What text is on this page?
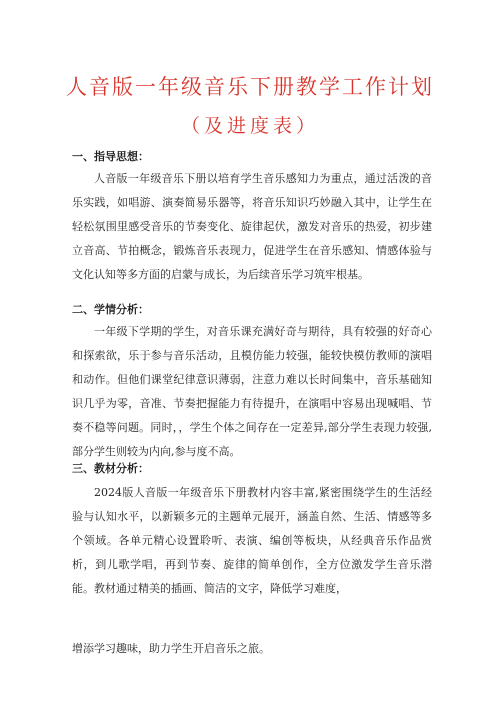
人音版一年级音乐下册教学工作计划
（及进度表）

一、指导思想：

人音版一年级音乐下册以培育学生音乐感知力为重点，通过活泼的音乐实践，如唱游、演奏简易乐器等，将音乐知识巧妙融入其中，让学生在轻松氛围里感受音乐的节奏变化、旋律起伏，激发对音乐的热爱，初步建立音高、节拍概念，锻炼音乐表现力，促进学生在音乐感知、情感体验与文化认知等多方面的启蒙与成长，为后续音乐学习筑牢根基。

二、学情分析：

一年级下学期的学生，对音乐课充满好奇与期待，具有较强的好奇心和探索欲，乐于参与音乐活动，且模仿能力较强，能较快模仿教师的演唱和动作。但他们课堂纪律意识薄弱，注意力难以长时间集中，音乐基础知识几乎为零，音准、节奏把握能力有待提升，在演唱中容易出现喊唱、节奏不稳等问题。同时，，学生个体之间存在一定差异,部分学生表现力较强,部分学生则较为内向,参与度不高。

三、教材分析：

2024版人音版一年级音乐下册教材内容丰富,紧密围绕学生的生活经验与认知水平，以新颖多元的主题单元展开，涵盖自然、生活、情感等多个领域。各单元精心设置聆听、表演、编创等板块，从经典音乐作品赏析，到儿歌学唱，再到节奏、旋律的简单创作，全方位激发学生音乐潜能。教材通过精美的插画、简洁的文字，降低学习难度，

增添学习趣味，助力学生开启音乐之旅。
